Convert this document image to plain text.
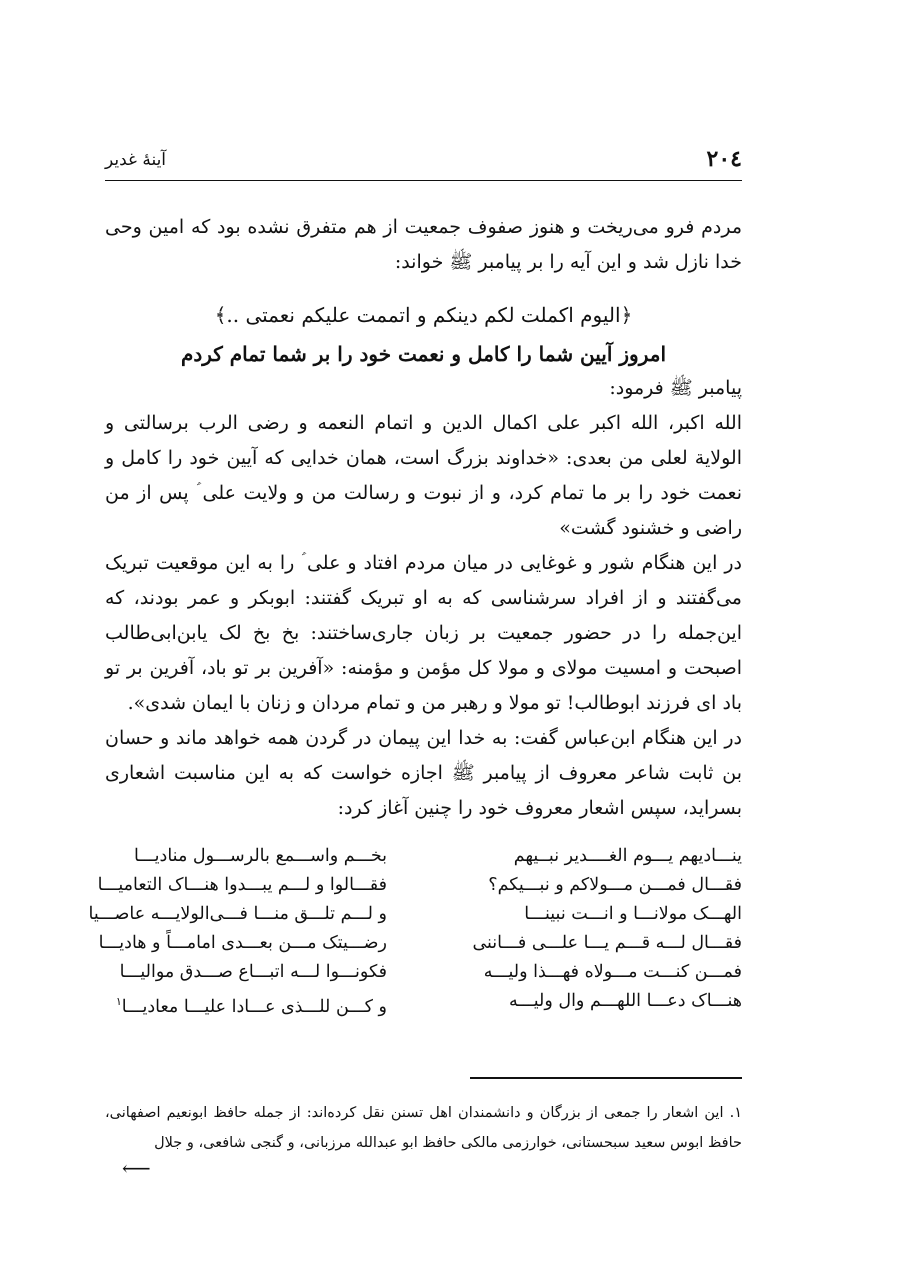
٢٠٤
آینهٔ غدیر

مردم فرو می‌ریخت و هنوز صفوف جمعیت از هم متفرق نشده بود که امین وحی خدا نازل شد و این آیه را بر پیامبر ﷺ خواند:

﴿الیوم اکملت لکم دینکم و اتممت علیکم نعمتی ..﴾
امروز آیین شما را کامل و نعمت خود را بر شما تمام کردم

پیامبر ﷺ فرمود:

الله اکبر، الله اکبر علی اکمال الدین و اتمام النعمه و رضی الرب برسالتی و الولایة لعلی من بعدی: «خداوند بزرگ است، همان خدایی که آیین خود را کامل و نعمت خود را بر ما تمام کرد، و از نبوت و رسالت من و ولایت علی ؑ پس از من راضی و خشنود گشت»

در این هنگام شور و غوغایی در میان مردم افتاد و علی ؑ را به این موقعیت تبریک می‌گفتند و از افراد سرشناسی که به او تبریک گفتند: ابوبکر و عمر بودند، که این‌جمله را در حضور جمعیت بر زبان جاری‌ساختند: بخ بخ لک یابن‌ابی‌طالب اصبحت و امسیت مولای و مولا کل مؤمن و مؤمنه: «آفرین بر تو باد، آفرین بر تو باد ای فرزند ابوطالب! تو مولا و رهبر من و تمام مردان و زنان با ایمان شدی».

در این هنگام ابن‌عباس گفت: به خدا این پیمان در گردن همه خواهد ماند و حسان بن ثابت شاعر معروف از پیامبر ﷺ اجازه خواست که به این مناسبت اشعاری بسراید، سپس اشعار معروف خود را چنین آغاز کرد:

ینـــادیهم یـــوم الغــــدیر نبــیهم
فقـــال فمـــن مـــولاکم و نبـــیکم؟
الهـــک مولانـــا و انـــت نبینـــا
فقـــال لـــه قـــم یـــا علـــی فـــاننی
فمـــن کنـــت مـــولاه فهـــذا ولیـــه
هنـــاک دعـــا اللهـــم وال ولیـــه
بخـــم واســـمع بالرســـول منادیـــا
فقـــالوا و لـــم یبـــدوا هنـــاک التعامیـــا
و لـــم تلـــق منـــا فـــی‌الولایـــه عاصـــیا
رضـــیتک مـــن بعـــدی امامـــاً و هادیـــا
فکونـــوا لـــه اتبـــاع صـــدق موالیـــا
و کـــن للـــذی عـــادا علیـــا معادیـــا$^١$

١. این اشعار را جمعی از بزرگان و دانشمندان اهل تسنن نقل کرده‌اند: از جمله حافظ ابونعیم اصفهانی، حافظ ابوس سعید سبحستانی، خوارزمی مالکی حافظ ابو عبدالله مرزبانی، و گنجی شافعی، و جلال

⟵
